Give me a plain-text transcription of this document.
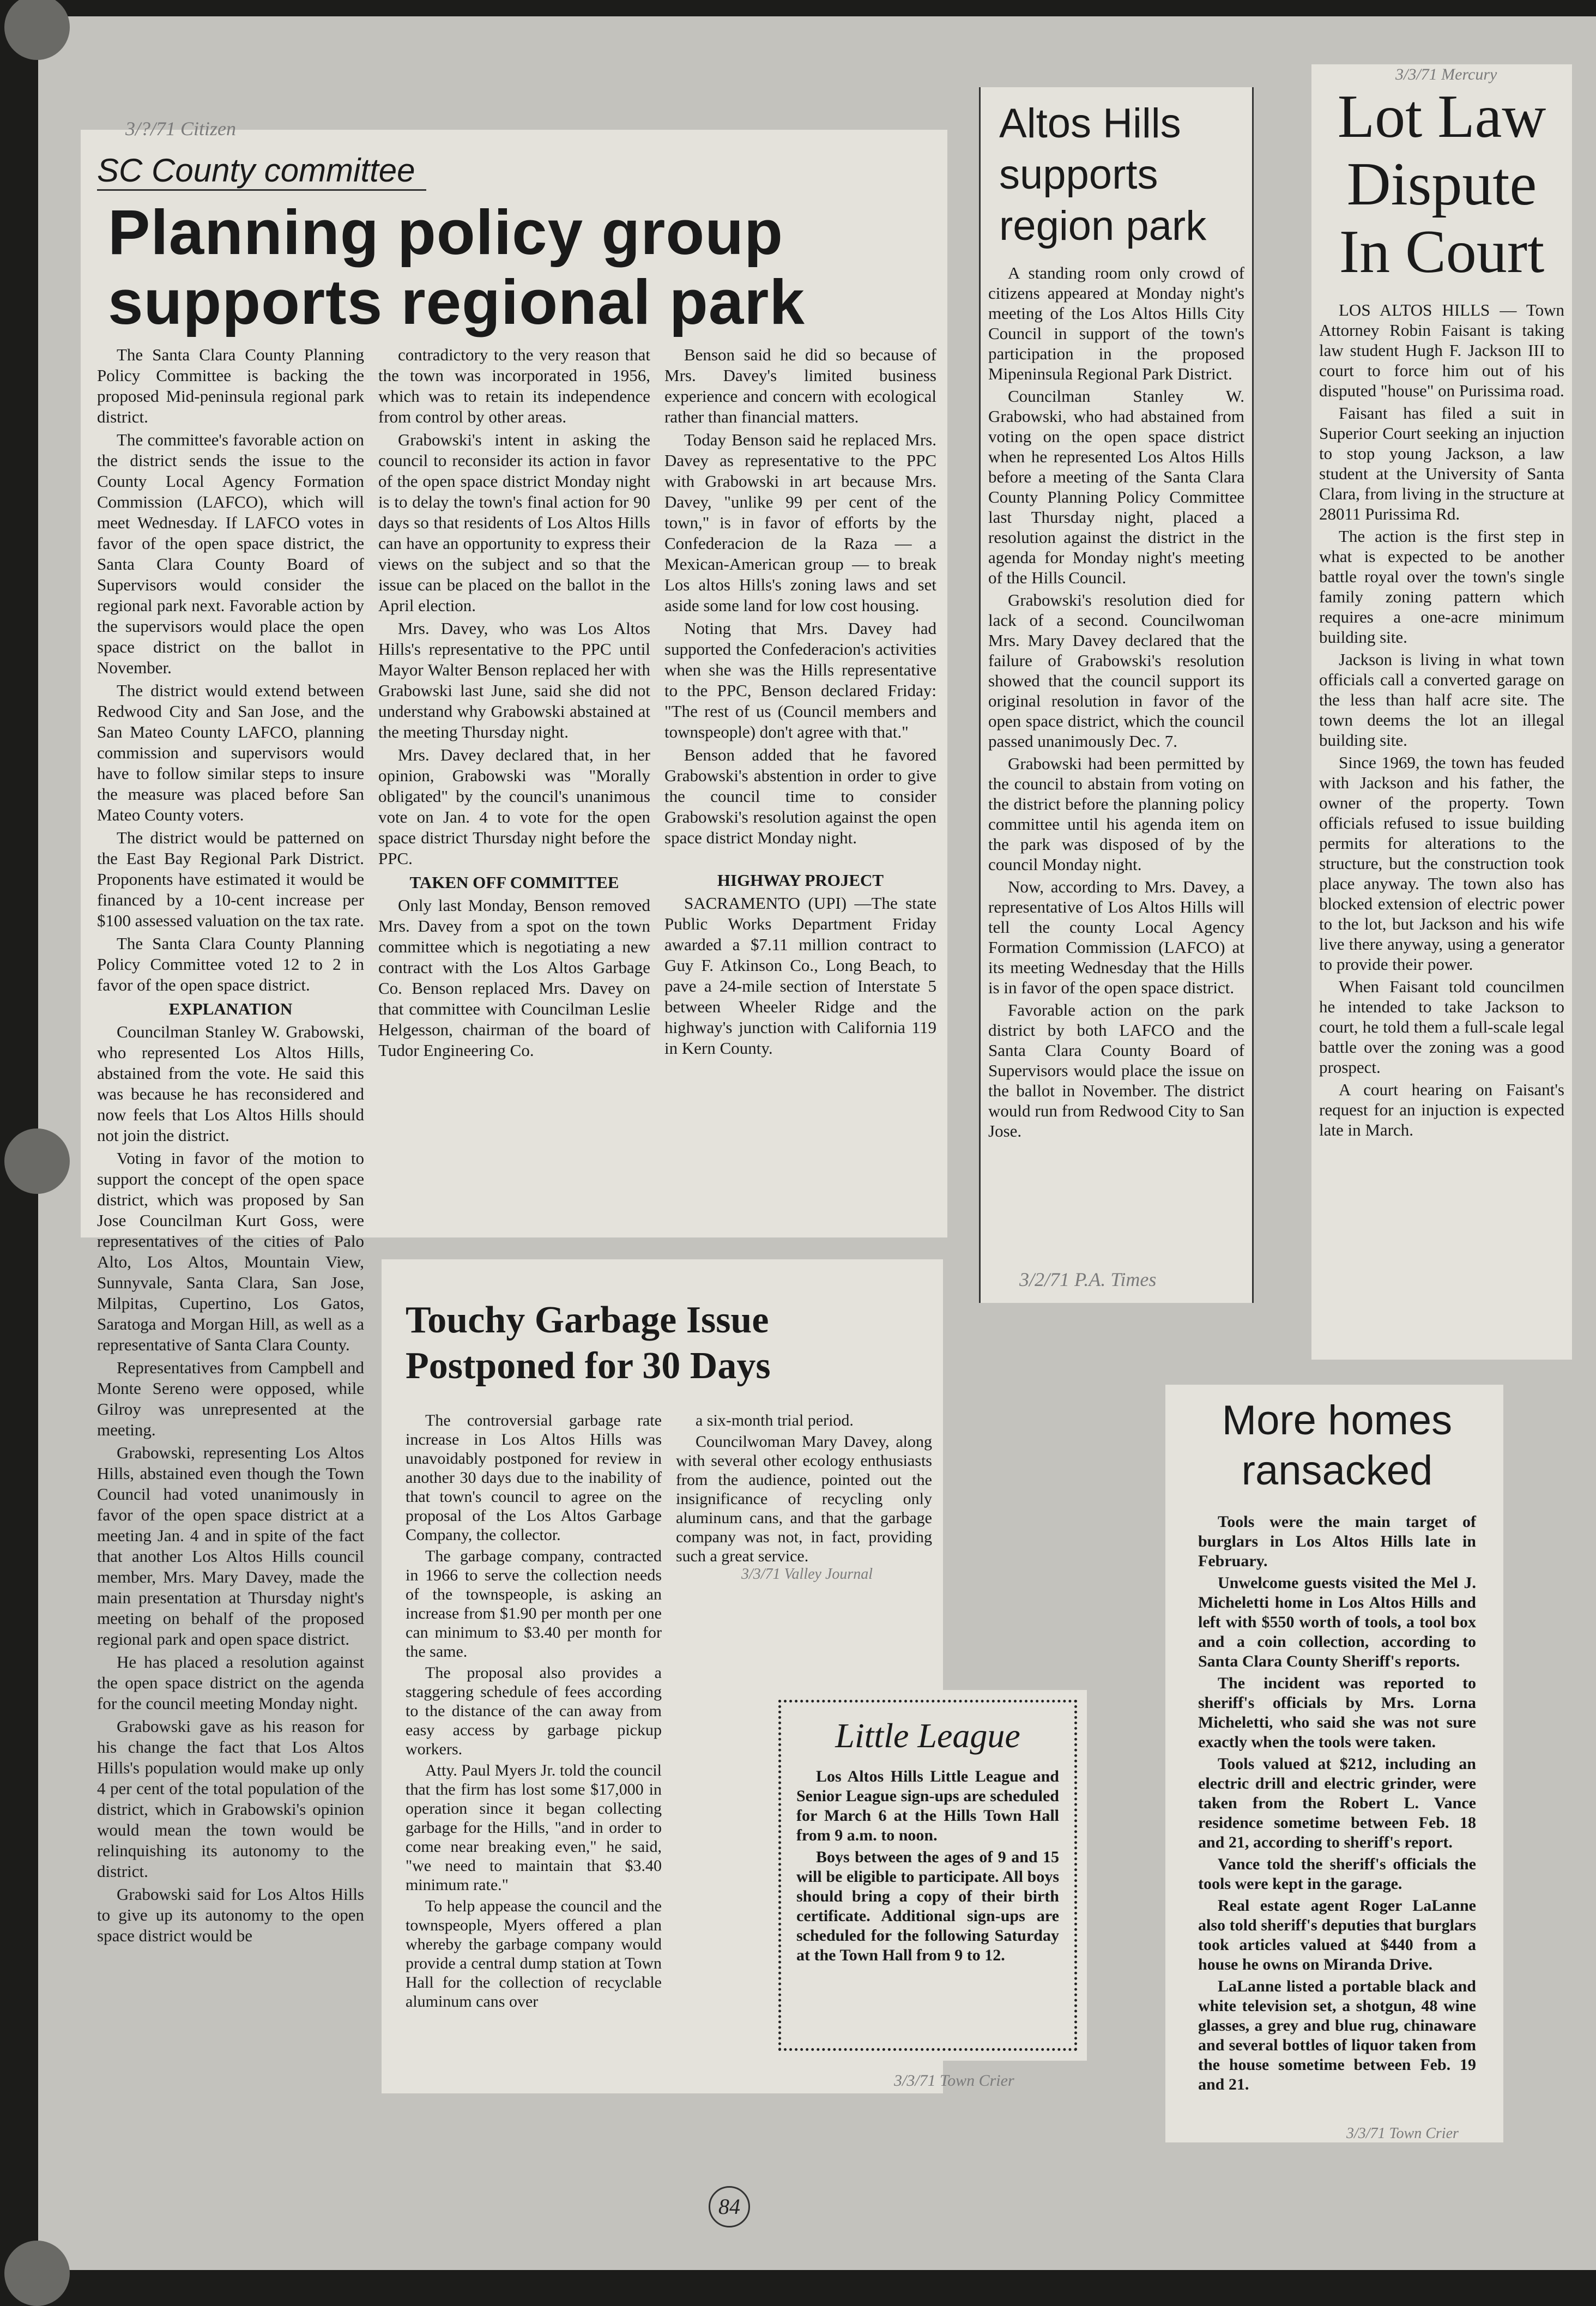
SC County committee
Planning policy group
supports regional park

The Santa Clara County Planning Policy Committee is backing the proposed Mid-peninsula regional park district.

The committee's favorable action on the district sends the issue to the County Local Agency Formation Commission (LAFCO), which will meet Wednesday. If LAFCO votes in favor of the open space district, the Santa Clara County Board of Supervisors would consider the regional park next. Favorable action by the supervisors would place the open space district on the ballot in November.

The district would extend between Redwood City and San Jose, and the San Mateo County LAFCO, planning commission and supervisors would have to follow similar steps to insure the measure was placed before San Mateo County voters.

The district would be patterned on the East Bay Regional Park District. Proponents have estimated it would be financed by a 10-cent increase per $100 assessed valuation on the tax rate.

The Santa Clara County Planning Policy Committee voted 12 to 2 in favor of the open space district.

EXPLANATION

Councilman Stanley W. Grabowski, who represented Los Altos Hills, abstained from the vote. He said this was because he has reconsidered and now feels that Los Altos Hills should not join the district.

Voting in favor of the motion to support the concept of the open space district, which was proposed by San Jose Councilman Kurt Goss, were representatives of the cities of Palo Alto, Los Altos, Mountain View, Sunnyvale, Santa Clara, San Jose, Milpitas, Cupertino, Los Gatos, Saratoga and Morgan Hill, as well as a representative of Santa Clara County.

Representatives from Campbell and Monte Sereno were opposed, while Gilroy was unrepresented at the meeting.

Grabowski, representing Los Altos Hills, abstained even though the Town Council had voted unanimously in favor of the open space district at a meeting Jan. 4 and in spite of the fact that another Los Altos Hills council member, Mrs. Mary Davey, made the main presentation at Thursday night's meeting on behalf of the proposed regional park and open space district.

He has placed a resolution against the open space district on the agenda for the council meeting Monday night.

Grabowski gave as his reason for his change the fact that Los Altos Hills's population would make up only 4 per cent of the total population of the district, which in Grabowski's opinion would mean the town would be relinquishing its autonomy to the district.

Grabowski said for Los Altos Hills to give up its autonomy to the open space district would be

contradictory to the very reason that the town was incorporated in 1956, which was to retain its independence from control by other areas.

Grabowski's intent in asking the council to reconsider its action in favor of the open space district Monday night is to delay the town's final action for 90 days so that residents of Los Altos Hills can have an opportunity to express their views on the subject and so that the issue can be placed on the ballot in the April election.

Mrs. Davey, who was Los Altos Hills's representative to the PPC until Mayor Walter Benson replaced her with Grabowski last June, said she did not understand why Grabowski abstained at the meeting Thursday night.

Mrs. Davey declared that, in her opinion, Grabowski was "Morally obligated" by the council's unanimous vote on Jan. 4 to vote for the open space district Thursday night before the PPC.

TAKEN OFF COMMITTEE

Only last Monday, Benson removed Mrs. Davey from a spot on the town committee which is negotiating a new contract with the Los Altos Garbage Co. Benson replaced Mrs. Davey on that committee with Councilman Leslie Helgesson, chairman of the board of Tudor Engineering Co.

Benson said he did so because of Mrs. Davey's limited business experience and concern with ecological rather than financial matters.

Today Benson said he replaced Mrs. Davey as representative to the PPC with Grabowski in art because Mrs. Davey, "unlike 99 per cent of the town," is in favor of efforts by the Confederacion de la Raza — a Mexican-American group — to break Los altos Hills's zoning laws and set aside some land for low cost housing.

Noting that Mrs. Davey had supported the Confederacion's activities when she was the Hills representative to the PPC, Benson declared Friday: "The rest of us (Council members and townspeople) don't agree with that."

Benson added that he favored Grabowski's abstention in order to give the council time to consider Grabowski's resolution against the open space district Monday night.

HIGHWAY PROJECT

SACRAMENTO (UPI) —The state Public Works Department Friday awarded a $7.11 million contract to Guy F. Atkinson Co., Long Beach, to pave a 24-mile section of Interstate 5 between Wheeler Ridge and the highway's junction with California 119 in Kern County.

3/?/71 Citizen	Altos Hills
supports
region park

A standing room only crowd of citizens appeared at Monday night's meeting of the Los Altos Hills City Council in support of the town's participation in the proposed Mipeninsula Regional Park District.

Councilman Stanley W. Grabowski, who had abstained from voting on the open space district when he represented Los Altos Hills before a meeting of the Santa Clara County Planning Policy Committee last Thursday night, placed a resolution against the district in the agenda for Monday night's meeting of the Hills Council.

Grabowski's resolution died for lack of a second. Councilwoman Mrs. Mary Davey declared that the failure of Grabowski's resolution showed that the council support its original resolution in favor of the open space district, which the council passed unanimously Dec. 7.

Grabowski had been permitted by the council to abstain from voting on the district before the planning policy committee until his agenda item on the park was disposed of by the council Monday night.

Now, according to Mrs. Davey, a representative of Los Altos Hills will tell the county Local Agency Formation Commission (LAFCO) at its meeting Wednesday that the Hills is in favor of the open space district.

Favorable action on the park district by both LAFCO and the Santa Clara County Board of Supervisors would place the issue on the ballot in November. The district would run from Redwood City to San Jose.

3/2/71 P.A. Times
Lot Law
Dispute
In Court

LOS ALTOS HILLS — Town Attorney Robin Faisant is taking law student Hugh F. Jackson III to court to force him out of his disputed "house" on Purissima road.

Faisant has filed a suit in Superior Court seeking an injuction to stop young Jackson, a law student at the University of Santa Clara, from living in the structure at 28011 Purissima Rd.

The action is the first step in what is expected to be another battle royal over the town's single family zoning pattern which requires a one-acre minimum building site.

Jackson is living in what town officials call a converted garage on the less than half acre site. The town deems the lot an illegal building site.

Since 1969, the town has feuded with Jackson and his father, the owner of the property. Town officials refused to issue building permits for alterations to the structure, but the construction took place anyway. The town also has blocked extension of electric power to the lot, but Jackson and his wife live there anyway, using a generator to provide their power.

When Faisant told councilmen he intended to take Jackson to court, he told them a full-scale legal battle over the zoning was a good prospect.

A court hearing on Faisant's request for an injuction is expected late in March.

3/3/71 Mercury
Touchy Garbage Issue
Postponed for 30 Days

The controversial garbage rate increase in Los Altos Hills was unavoidably postponed for review in another 30 days due to the inability of that town's council to agree on the proposal of the Los Altos Garbage Company, the collector.

The garbage company, contracted in 1966 to serve the collection needs of the townspeople, is asking an increase from $1.90 per month per one can minimum to $3.40 per month for the same.

The proposal also provides a staggering schedule of fees according to the distance of the can away from easy access by garbage pickup workers.

Atty. Paul Myers Jr. told the council that the firm has lost some $17,000 in operation since it began collecting garbage for the Hills, "and in order to come near breaking even," he said, "we need to maintain that $3.40 minimum rate."

To help appease the council and the townspeople, Myers offered a plan whereby the garbage company would provide a central dump station at Town Hall for the collection of recyclable aluminum cans over

a six-month trial period.

Councilwoman Mary Davey, along with several other ecology enthusiasts from the audience, pointed out the insignificance of recycling only aluminum cans, and that the garbage company was not, in fact, providing such a great service.

3/3/71 Valley Journal
Little League

Los Altos Hills Little League and Senior League sign-ups are scheduled for March 6 at the Hills Town Hall from 9 a.m. to noon.

Boys between the ages of 9 and 15 will be eligible to participate. All boys should bring a copy of their birth certificate. Additional sign-ups are scheduled for the following Saturday at the Town Hall from 9 to 12.

3/3/71 Town Crier
More homes
ransacked

Tools were the main target of burglars in Los Altos Hills late in February.

Unwelcome guests visited the Mel J. Micheletti home in Los Altos Hills and left with $550 worth of tools, a tool box and a coin collection, according to Santa Clara County Sheriff's reports.

The incident was reported to sheriff's officials by Mrs. Lorna Micheletti, who said she was not sure exactly when the tools were taken.

Tools valued at $212, including an electric drill and electric grinder, were taken from the Robert L. Vance residence sometime between Feb. 18 and 21, according to sheriff's report.

Vance told the sheriff's officials the tools were kept in the garage.

Real estate agent Roger LaLanne also told sheriff's deputies that burglars took articles valued at $440 from a house he owns on Miranda Drive.

LaLanne listed a portable black and white television set, a shotgun, 48 wine glasses, a grey and blue rug, chinaware and several bottles of liquor taken from the house sometime between Feb. 19 and 21.

3/3/71 Town Crier
84
